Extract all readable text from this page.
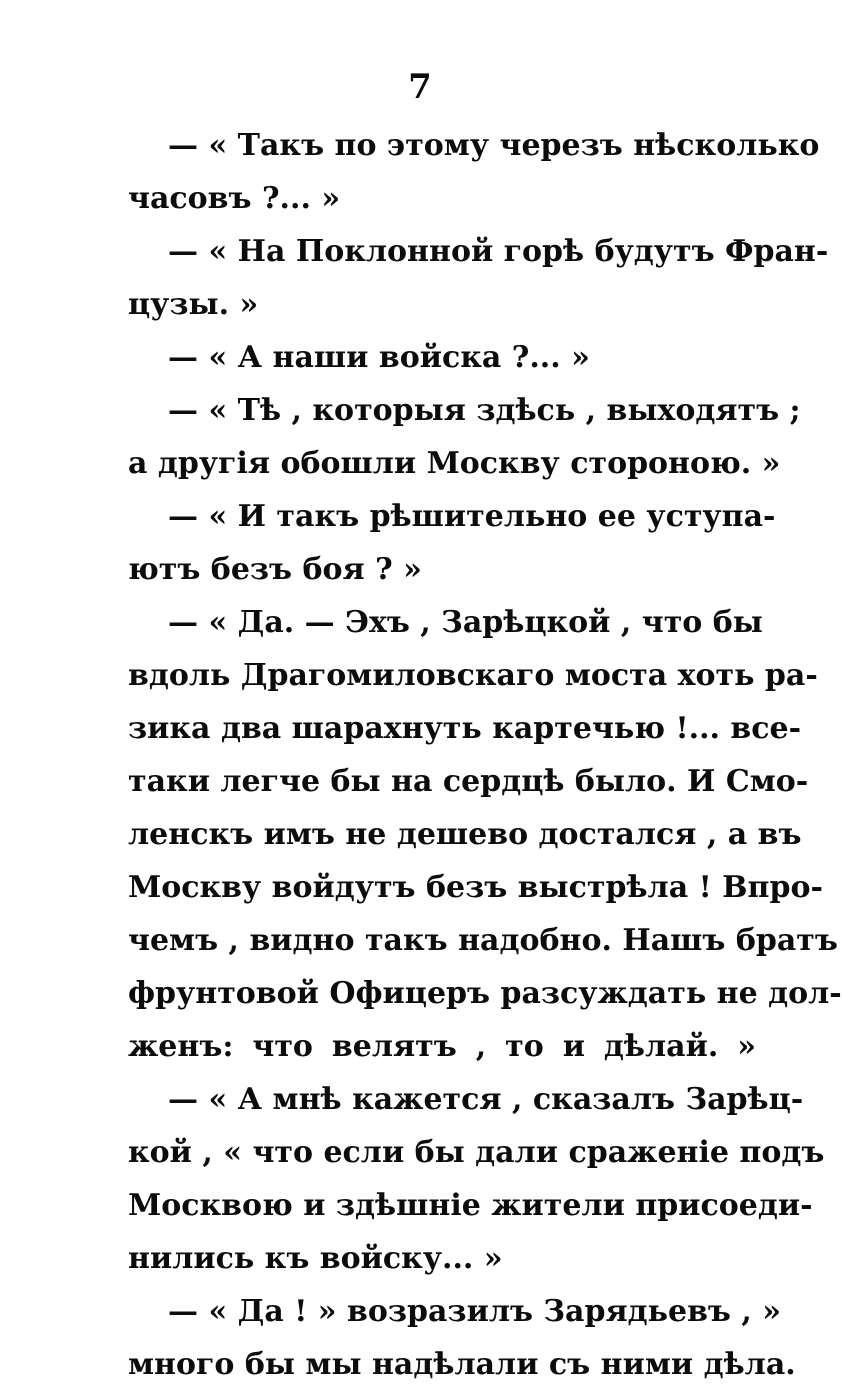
7
— « Такъ по этому черезъ нѣсколько
часовъ ?... »
— « На Поклонной горѣ будутъ Фран-
цузы. »
— « А наши войска ?... »
— « Тѣ , которыя здѣсь , выходятъ ;
а другія обошли Москву стороною. »
— « И такъ рѣшительно ее уступа-
ютъ безъ боя ? »
— « Да. — Эхъ , Зарѣцкой , что бы
вдоль Драгомиловскаго моста хоть ра-
зика два шарахнуть картечью !... все-
таки легче бы на сердцѣ было. И Смо-
ленскъ имъ не дешево достался , а въ
Москву войдутъ безъ выстрѣла ! Впро-
чемъ , видно такъ надобно. Нашъ братъ
фрунтовой Офицеръ разсуждать не дол-
женъ: что велятъ , то и дѣлай. »
— « А мнѣ кажется , сказалъ Зарѣц-
кой , « что если бы дали сраженіе подъ
Москвою и здѣшніе жители присоеди-
нились къ войску... »
— « Да ! » возразилъ Зарядьевъ , »
много бы мы надѣлали съ ними дѣла.
